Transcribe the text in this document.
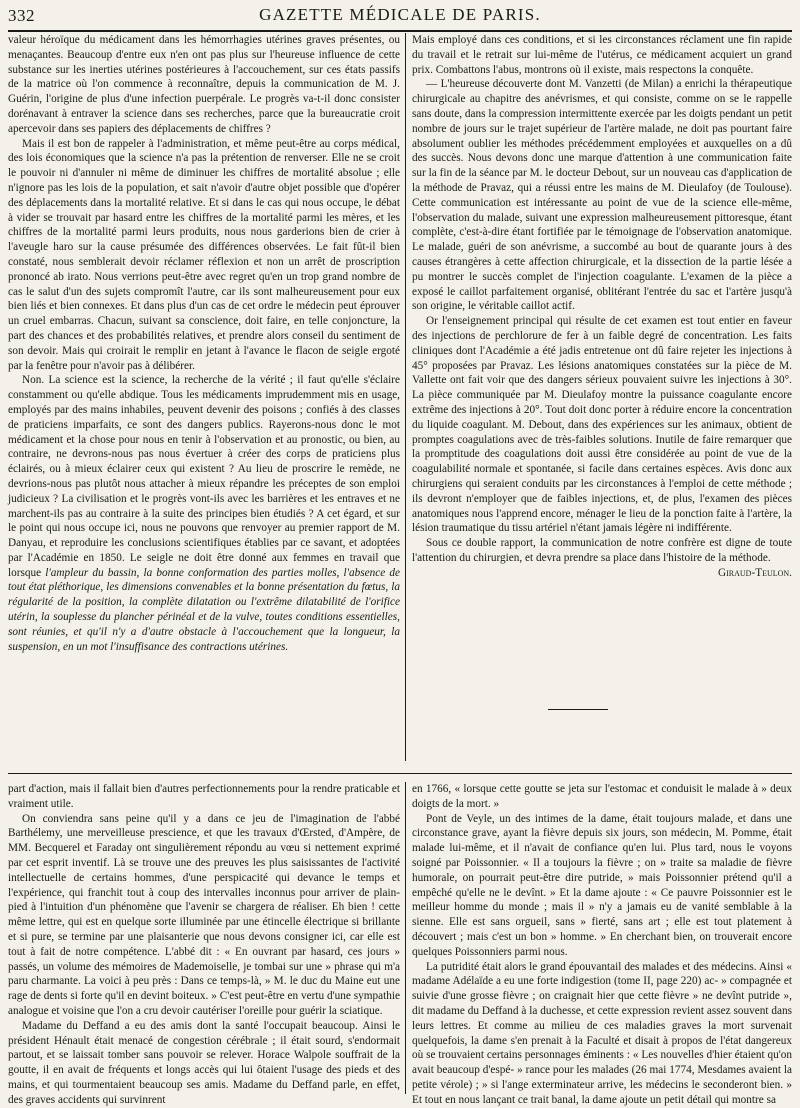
332	GAZETTE MÉDICALE DE PARIS.

valeur héroïque du médicament dans les hémorrhagies utérines graves présentes, ou menaçantes. Beaucoup d'entre eux n'en ont pas plus sur l'heureuse influence de cette substance sur les inerties utérines postérieures à l'accouchement, sur ces états passifs de la matrice où l'on commence à reconnaître, depuis la communication de M. J. Guérin, l'origine de plus d'une infection puerpérale. Le progrès va-t-il donc consister dorénavant à entraver la science dans ses recherches, parce que la bureaucratie croit apercevoir dans ses papiers des déplacements de chiffres ?

Mais il est bon de rappeler à l'administration, et même peut-être au corps médical, des lois économiques que la science n'a pas la prétention de renverser. Elle ne se croit le pouvoir ni d'annuler ni même de diminuer les chiffres de mortalité absolue ; elle n'ignore pas les lois de la population, et sait n'avoir d'autre objet possible que d'opérer des déplacements dans la mortalité relative. Et si dans le cas qui nous occupe, le débat à vider se trouvait par hasard entre les chiffres de la mortalité parmi les mères, et les chiffres de la mortalité parmi leurs produits, nous nous garderions bien de crier à l'aveugle haro sur la cause présumée des différences observées. Le fait fût-il bien constaté, nous semblerait devoir réclamer réflexion et non un arrêt de proscription prononcé ab irato. Nous verrions peut-être avec regret qu'en un trop grand nombre de cas le salut d'un des sujets compromît l'autre, car ils sont malheureusement pour eux bien liés et bien connexes. Et dans plus d'un cas de cet ordre le médecin peut éprouver un cruel embarras. Chacun, suivant sa conscience, doit faire, en telle conjoncture, la part des chances et des probabilités relatives, et prendre alors conseil du sentiment de son devoir. Mais qui croirait le remplir en jetant à l'avance le flacon de seigle ergoté par la fenêtre pour n'avoir pas à délibérer.

Non. La science est la science, la recherche de la vérité ; il faut qu'elle s'éclaire constamment ou qu'elle abdique. Tous les médicaments imprudemment mis en usage, employés par des mains inhabiles, peuvent devenir des poisons ; confiés à des classes de praticiens imparfaits, ce sont des dangers publics. Rayerons-nous donc le mot médicament et la chose pour nous en tenir à l'observation et au pronostic, ou bien, au contraire, ne devrons-nous pas nous évertuer à créer des corps de praticiens plus éclairés, ou à mieux éclairer ceux qui existent ? Au lieu de proscrire le remède, ne devrions-nous pas plutôt nous attacher à mieux répandre les préceptes de son emploi judicieux ? La civilisation et le progrès vont-ils avec les barrières et les entraves et ne marchent-ils pas au contraire à la suite des principes bien étudiés ? A cet égard, et sur le point qui nous occupe ici, nous ne pouvons que renvoyer au premier rapport de M. Danyau, et reproduire les conclusions scientifiques établies par ce savant, et adoptées par l'Académie en 1850. Le seigle ne doit être donné aux femmes en travail que lorsque l'ampleur du bassin, la bonne conformation des parties molles, l'absence de tout état pléthorique, les dimensions convenables et la bonne présentation du fœtus, la régularité de la position, la complète dilatation ou l'extrême dilatabilité de l'orifice utérin, la souplesse du plancher périnéal et de la vulve, toutes conditions essentielles, sont réunies, et qu'il n'y a d'autre obstacle à l'accouchement que la longueur, la suspension, en un mot l'insuffisance des contractions utérines.

Mais employé dans ces conditions, et si les circonstances réclament une fin rapide du travail et le retrait sur lui-même de l'utérus, ce médicament acquiert un grand prix. Combattons l'abus, montrons où il existe, mais respectons la conquête.

— L'heureuse découverte dont M. Vanzetti (de Milan) a enrichi la thérapeutique chirurgicale au chapitre des anévrismes, et qui consiste, comme on se le rappelle sans doute, dans la compression intermittente exercée par les doigts pendant un petit nombre de jours sur le trajet supérieur de l'artère malade, ne doit pas pourtant faire absolument oublier les méthodes précédemment employées et auxquelles on a dû des succès. Nous devons donc une marque d'attention à une communication faite sur la fin de la séance par M. le docteur Debout, sur un nouveau cas d'application de la méthode de Pravaz, qui a réussi entre les mains de M. Dieulafoy (de Toulouse). Cette communication est intéressante au point de vue de la science elle-même, l'observation du malade, suivant une expression malheureusement pittoresque, étant complète, c'est-à-dire étant fortifiée par le témoignage de l'observation anatomique. Le malade, guéri de son anévrisme, a succombé au bout de quarante jours à des causes étrangères à cette affection chirurgicale, et la dissection de la partie lésée a pu montrer le succès complet de l'injection coagulante. L'examen de la pièce a exposé le caillot parfaitement organisé, oblitérant l'entrée du sac et l'artère jusqu'à son origine, le véritable caillot actif.

Or l'enseignement principal qui résulte de cet examen est tout entier en faveur des injections de perchlorure de fer à un faible degré de concentration. Les faits cliniques dont l'Académie a été jadis entretenue ont dû faire rejeter les injections à 45° proposées par Pravaz. Les lésions anatomiques constatées sur la pièce de M. Vallette ont fait voir que des dangers sérieux pouvaient suivre les injections à 30°. La pièce communiquée par M. Dieulafoy montre la puissance coagulante encore extrême des injections à 20°. Tout doit donc porter à réduire encore la concentration du liquide coagulant. M. Debout, dans des expériences sur les animaux, obtient de promptes coagulations avec de très-faibles solutions. Inutile de faire remarquer que la promptitude des coagulations doit aussi être considérée au point de vue de la coagulabilité normale et spontanée, si facile dans certaines espèces. Avis donc aux chirurgiens qui seraient conduits par les circonstances à l'emploi de cette méthode ; ils devront n'employer que de faibles injections, et, de plus, l'examen des pièces anatomiques nous l'apprend encore, ménager le lieu de la ponction faite à l'artère, la lésion traumatique du tissu artériel n'étant jamais légère ni indifférente.

Sous ce double rapport, la communication de notre confrère est digne de toute l'attention du chirurgien, et devra prendre sa place dans l'histoire de la méthode.

Giraud-Teulon.

part d'action, mais il fallait bien d'autres perfectionnements pour la rendre praticable et vraiment utile.

On conviendra sans peine qu'il y a dans ce jeu de l'imagination de l'abbé Barthélemy, une merveilleuse prescience, et que les travaux d'Œrsted, d'Ampère, de MM. Becquerel et Faraday ont singulièrement répondu au vœu si nettement exprimé par cet esprit inventif. Là se trouve une des preuves les plus saisissantes de l'activité intellectuelle de certains hommes, d'une perspicacité qui devance le temps et l'expérience, qui franchit tout à coup des intervalles inconnus pour arriver de plain-pied à l'intuition d'un phénomène que l'avenir se chargera de réaliser. Eh bien ! cette même lettre, qui est en quelque sorte illuminée par une étincelle électrique si brillante et si pure, se termine par une plaisanterie que nous devons consigner ici, car elle est tout à fait de notre compétence. L'abbé dit : « En ouvrant par hasard, ces jours » passés, un volume des mémoires de Mademoiselle, je tombai sur une » phrase qui m'a paru charmante. La voici à peu près : Dans ce temps-là, » M. le duc du Maine eut une rage de dents si forte qu'il en devint boiteux. » C'est peut-être en vertu d'une sympathie analogue et voisine que l'on a cru devoir cautériser l'oreille pour guérir la sciatique.

Madame du Deffand a eu des amis dont la santé l'occupait beaucoup. Ainsi le président Hénault était menacé de congestion cérébrale ; il était sourd, s'endormait partout, et se laissait tomber sans pouvoir se relever. Horace Walpole souffrait de la goutte, il en avait de fréquents et longs accès qui lui ôtaient l'usage des pieds et des mains, et qui tourmentaient beaucoup ses amis. Madame du Deffand parle, en effet, des graves accidents qui survinrent

en 1766, « lorsque cette goutte se jeta sur l'estomac et conduisit le malade à » deux doigts de la mort. »

Pont de Veyle, un des intimes de la dame, était toujours malade, et dans une circonstance grave, ayant la fièvre depuis six jours, son médecin, M. Pomme, était malade lui-même, et il n'avait de confiance qu'en lui. Plus tard, nous le voyons soigné par Poissonnier. « Il a toujours la fièvre ; on » traite sa maladie de fièvre humorale, on pourrait peut-être dire putride, » mais Poissonnier prétend qu'il a empêché qu'elle ne le devînt. » Et la dame ajoute : « Ce pauvre Poissonnier est le meilleur homme du monde ; mais il » n'y a jamais eu de vanité semblable à la sienne. Elle est sans orgueil, sans » fierté, sans art ; elle est tout platement à découvert ; mais c'est un bon » homme. » En cherchant bien, on trouverait encore quelques Poissonniers parmi nous.

La putridité était alors le grand épouvantail des malades et des médecins. Ainsi « madame Adélaïde a eu une forte indigestion (tome II, page 220) ac- » compagnée et suivie d'une grosse fièvre ; on craignait hier que cette fièvre » ne devînt putride », dit madame du Deffand à la duchesse, et cette expression revient assez souvent dans leurs lettres. Et comme au milieu de ces maladies graves la mort survenait quelquefois, la dame s'en prenait à la Faculté et disait à propos de l'état dangereux où se trouvaient certains personnages éminents : « Les nouvelles d'hier étaient qu'on avait beaucoup d'espé- » rance pour les malades (26 mai 1774, Mesdames avaient la petite vérole) ; » si l'ange exterminateur arrive, les médecins le seconderont bien. » Et tout en nous lançant ce trait banal, la dame ajoute un petit détail qui montre sa
